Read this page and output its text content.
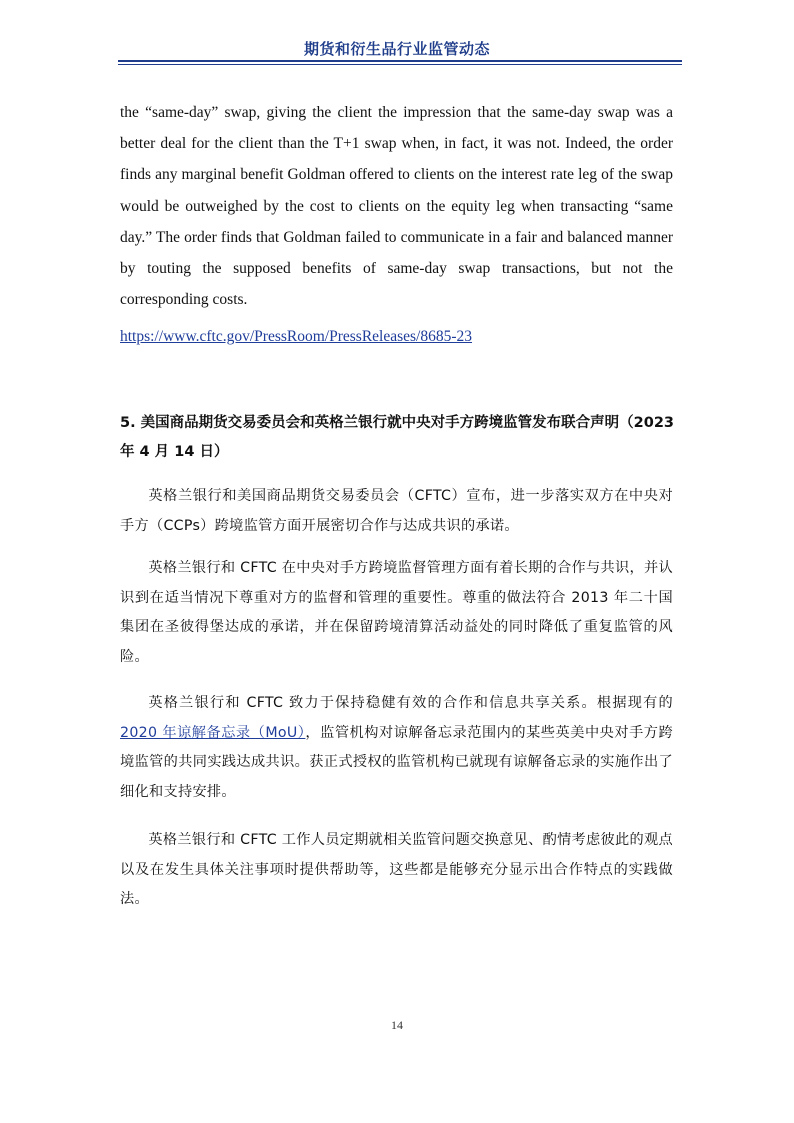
期货和衍生品行业监管动态

the “same-day” swap, giving the client the impression that the same-day swap was a better deal for the client than the T+1 swap when, in fact, it was not. Indeed, the order finds any marginal benefit Goldman offered to clients on the interest rate leg of the swap would be outweighed by the cost to clients on the equity leg when transacting “same day.” The order finds that Goldman failed to communicate in a fair and balanced manner by touting the supposed benefits of same-day swap transactions, but not the corresponding costs.

https://www.cftc.gov/PressRoom/PressReleases/8685-23

5. 美国商品期货交易委员会和英格兰银行就中央对手方跨境监管发布联合声明（2023 年 4 月 14 日）

英格兰银行和美国商品期货交易委员会（CFTC）宣布，进一步落实双方在中央对手方（CCPs）跨境监管方面开展密切合作与达成共识的承诺。

英格兰银行和 CFTC 在中央对手方跨境监督管理方面有着长期的合作与共识，并认识到在适当情况下尊重对方的监督和管理的重要性。尊重的做法符合 2013 年二十国集团在圣彼得堡达成的承诺，并在保留跨境清算活动益处的同时降低了重复监管的风险。

英格兰银行和 CFTC 致力于保持稳健有效的合作和信息共享关系。根据现有的2020 年谅解备忘录（MoU），监管机构对谅解备忘录范围内的某些英美中央对手方跨境监管的共同实践达成共识。获正式授权的监管机构已就现有谅解备忘录的实施作出了细化和支持安排。

英格兰银行和 CFTC 工作人员定期就相关监管问题交换意见、酌情考虑彼此的观点以及在发生具体关注事项时提供帮助等，这些都是能够充分显示出合作特点的实践做法。

14
